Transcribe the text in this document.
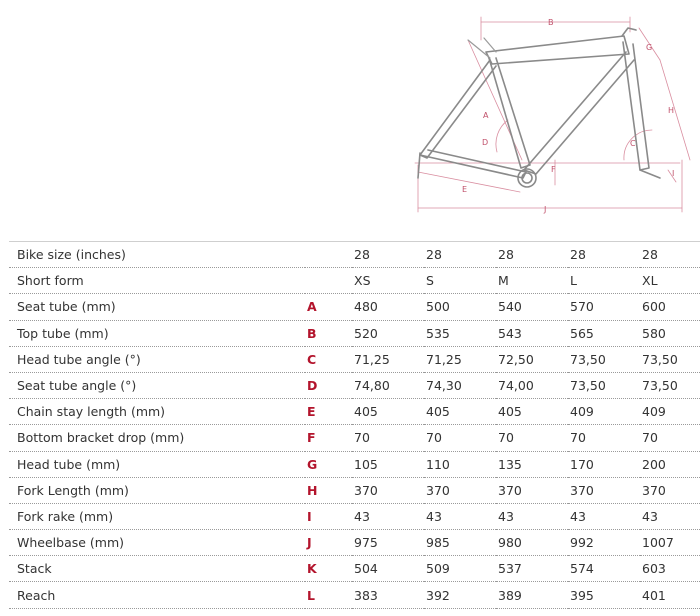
B
A
D	C
G
H
E
F	I
J
Bike size (inches)		28	28	28	28	28
Short form		XS	S	M	L	XL
Seat tube (mm)	A	480	500	540	570	600
Top tube (mm)	B	520	535	543	565	580
Head tube angle (°)	C	71,25	71,25	72,50	73,50	73,50
Seat tube angle (°)	D	74,80	74,30	74,00	73,50	73,50
Chain stay length (mm)	E	405	405	405	409	409
Bottom bracket drop (mm)	F	70	70	70	70	70
Head tube (mm)	G	105	110	135	170	200
Fork Length (mm)	H	370	370	370	370	370
Fork rake (mm)	I	43	43	43	43	43
Wheelbase (mm)	J	975	985	980	992	1007
Stack	K	504	509	537	574	603
Reach	L	383	392	389	395	401
